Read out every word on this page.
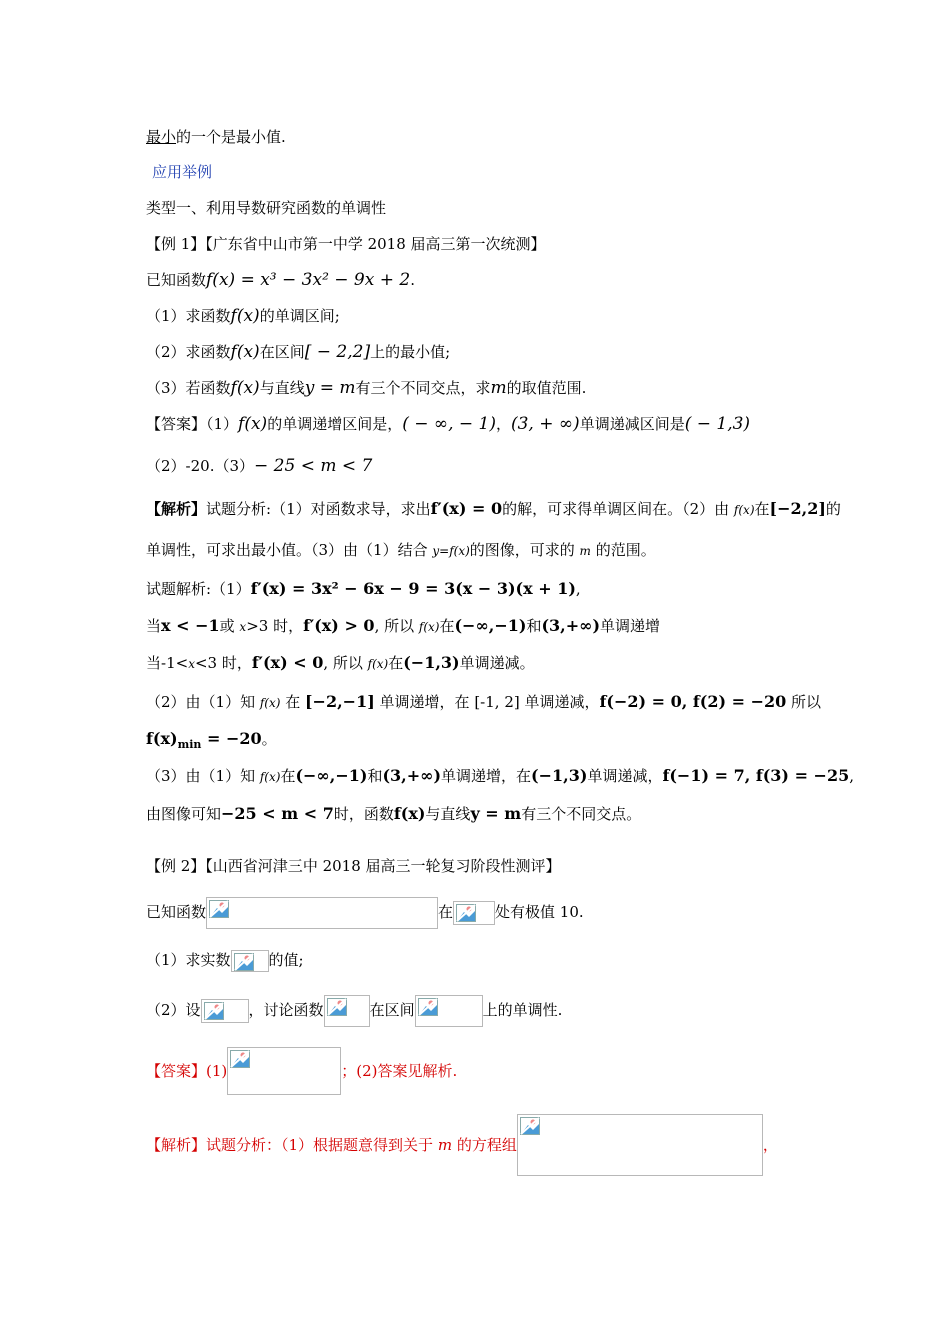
最小的一个是最小值.
应用举例
类型一、利用导数研究函数的单调性
【例 1】【广东省中山市第一中学 2018 届高三第一次统测】
已知函数f(x) = x³ − 3x² − 9x + 2.
（1）求函数f(x)的单调区间;
（2）求函数f(x)在区间[ − 2,2]上的最小值;
（3）若函数f(x)与直线y = m有三个不同交点，求m的取值范围.
【答案】（1）f(x)的单调递增区间是，( − ∞, − 1)，(3, + ∞)单调递减区间是( − 1,3)
（2）-20.（3）− 25 < m < 7
【解析】试题分析:（1）对函数求导，求出f′(x) = 0的解，可求得单调区间在。（2）由 f(x)在[−2,2]的
单调性，可求出最小值。（3）由（1）结合 y=f(x)的图像，可求的 m 的范围。
试题解析:（1）f′(x) = 3x² − 6x − 9 = 3(x − 3)(x + 1),
当x < −1或 x>3 时，f′(x) > 0, 所以 f(x)在(−∞,−1)和(3,+∞)单调递增
当-1<x<3 时，f′(x) < 0, 所以 f(x)在(−1,3)单调递减。
（2）由（1）知 f(x) 在 [−2,−1] 单调递增，在 [-1, 2] 单调递减，f(−2) = 0, f(2) = −20 所以
$f(x)_{min} = -20$。
（3）由（1）知 f(x)在(−∞,−1)和(3,+∞)单调递增，在(−1,3)单调递减，f(−1) = 7, f(3) = −25,
由图像可知−25 < m < 7时，函数f(x)与直线y = m有三个不同交点。
【例 2】【山西省河津三中 2018 届高三一轮复习阶段性测评】
已知函数	在	处有极值 10.
（1）求实数	的值;
（2）设	，讨论函数	在区间	上的单调性.
【答案】(1)	；(2)答案见解析.
【解析】试题分析：（1）根据题意得到关于 m 的方程组	，
